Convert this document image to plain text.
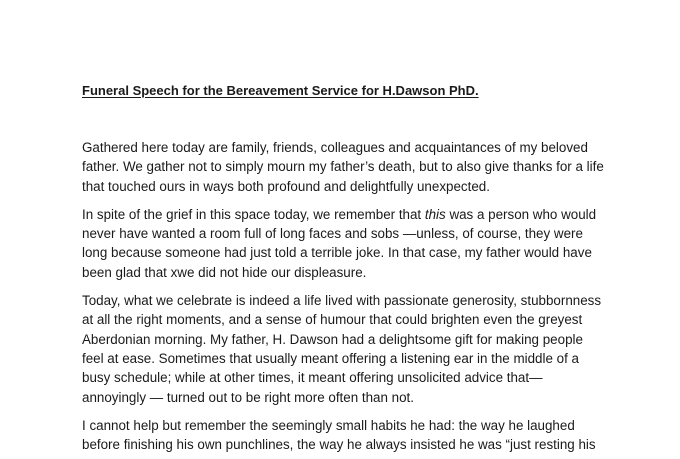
Funeral Speech for the Bereavement Service for H.Dawson PhD.

Gathered here today are family, friends, colleagues and acquaintances of my beloved
father. We gather not to simply mourn my father’s death, but to also give thanks for a life
that touched ours in ways both profound and delightfully unexpected.

In spite of the grief in this space today, we remember that this was a person who would
never have wanted a room full of long faces and sobs —unless, of course, they were
long because someone had just told a terrible joke. In that case, my father would have
been glad that xwe did not hide our displeasure.

Today, what we celebrate is indeed a life lived with passionate generosity, stubbornness
at all the right moments, and a sense of humour that could brighten even the greyest
Aberdonian morning. My father, H. Dawson had a delightsome gift for making people
feel at ease. Sometimes that usually meant offering a listening ear in the middle of a
busy schedule; while at other times, it meant offering unsolicited advice that—
annoyingly — turned out to be right more often than not.

I cannot help but remember the seemingly small habits he had: the way he laughed
before finishing his own punchlines, the way he always insisted he was “just resting his
